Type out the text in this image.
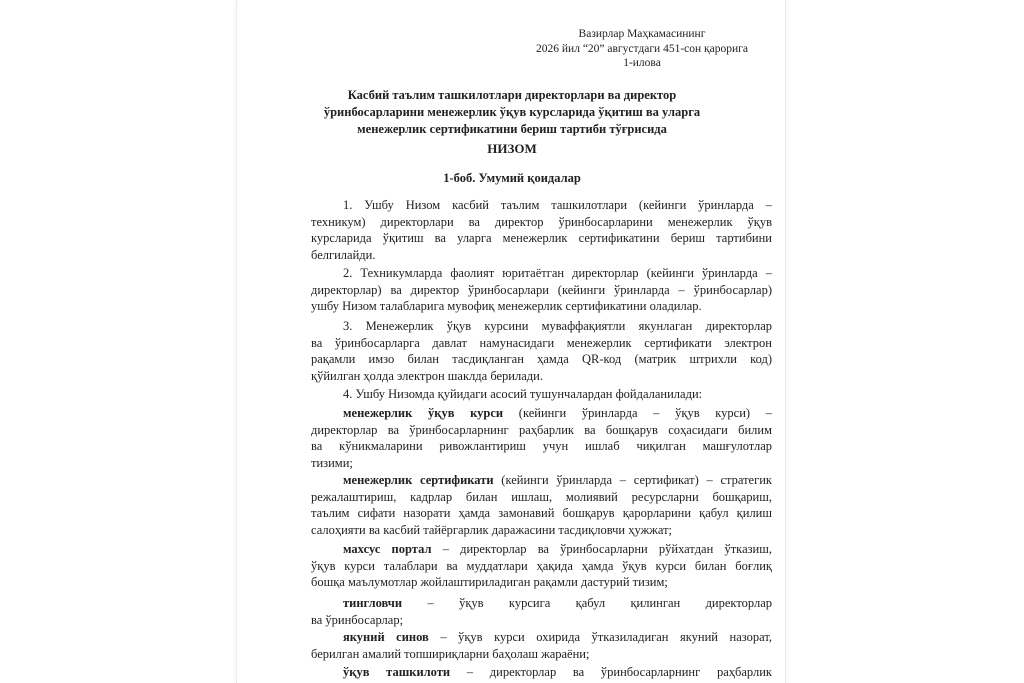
Вазирлар Маҳкамасининг
2026 йил “20” августдаги 451-сон қарорига
1-илова
Касбий таълим ташкилотлари директорлари ва директор
ўринбосарларини менежерлик ўқув курсларида ўқитиш ва уларга
менежерлик сертификатини бериш тартиби тўғрисида
НИЗОМ
1-боб. Умумий қоидалар
1. Ушбу Низом касбий таълим ташкилотлари (кейинги ўринларда –
техникум) директорлари ва директор ўринбосарларини менежерлик ўқув
курсларида ўқитиш ва уларга менежерлик сертификатини бериш тартибини
белгилайди.
2. Техникумларда фаолият юритаётган директорлар (кейинги ўринларда –
директорлар) ва директор ўринбосарлари (кейинги ўринларда – ўринбосарлар)
ушбу Низом талабларига мувофиқ менежерлик сертификатини оладилар.
3. Менежерлик ўқув курсини муваффақиятли якунлаган директорлар
ва ўринбосарларга давлат намунасидаги менежерлик сертификати электрон
рақамли имзо билан тасдиқланган ҳамда QR-код (матрик штрихли код)
қўйилган ҳолда электрон шаклда берилади.
4. Ушбу Низомда қуйидаги асосий тушунчалардан фойдаланилади:
менежерлик ўқув курси (кейинги ўринларда – ўқув курси) –
директорлар ва ўринбосарларнинг раҳбарлик ва бошқарув соҳасидаги билим
ва кўникмаларини ривожлантириш учун ишлаб чиқилган машғулотлар
тизими;
менежерлик сертификати (кейинги ўринларда – сертификат) – стратегик
режалаштириш, кадрлар билан ишлаш, молиявий ресурсларни бошқариш,
таълим сифати назорати ҳамда замонавий бошқарув қарорларини қабул қилиш
салоҳияти ва касбий тайёргарлик даражасини тасдиқловчи ҳужжат;
махсус портал – директорлар ва ўринбосарларни рўйхатдан ўтказиш,
ўқув курси талаблари ва муддатлари ҳақида ҳамда ўқув курси билан боғлиқ
бошқа маълумотлар жойлаштириладиган рақамли дастурий тизим;
тингловчи – ўқув курсига қабул қилинган директорлар
ва ўринбосарлар;
якуний синов – ўқув курси охирида ўтказиладиган якуний назорат,
берилган амалий топшириқларни баҳолаш жараёни;
ўқув ташкилоти – директорлар ва ўринбосарларнинг раҳбарлик
